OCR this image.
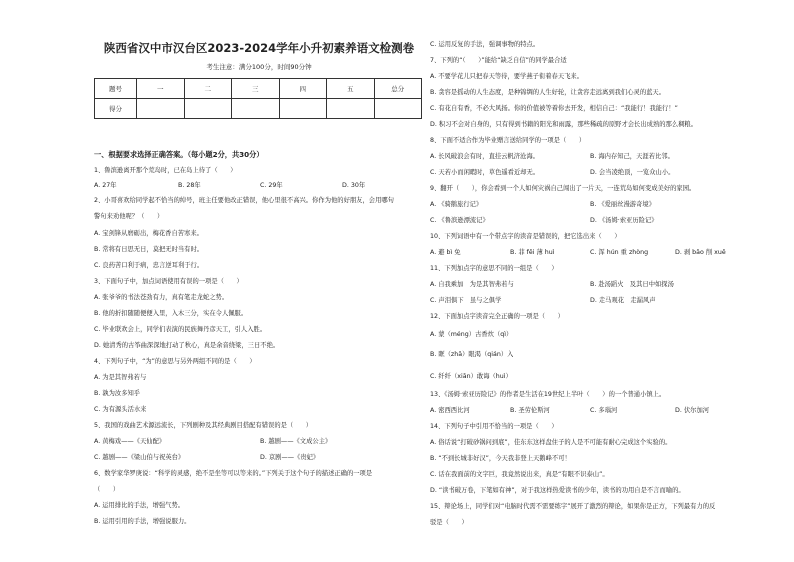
陕西省汉中市汉台区2023-2024学年小升初素养语文检测卷
考生注意：满分100分，时间90分钟
题号	一	二	三	四	五	总分
得分						
一、根据要求选择正确答案。（每小题2分，共30分）
1、鲁滨逊离开那个荒岛时，已在岛上待了（　　）
A. 27年	B. 28年	C. 29年	D. 30年
2、小哥喜欢给同学起不恰当的绰号，班主任要他改正错误，他心里很不高兴。你作为他的好朋友，会用哪句
警句来劝他呢？（　　）
A. 宝剑锋从磨砺出，梅花香自苦寒来。
B. 常将有日思无日，莫把无时当有时。
C. 良药苦口利于病，忠言逆耳利于行。
3、下面句子中，加点词语使用有误的一项是（　　）
A. 张爷爷的书法苍劲有力，真有笔走龙蛇之势。
B. 他的折扣随随便便入里，入木三分，实在令人佩服。
C. 毕业联欢会上，同学们表演的民族舞丹彦天工，引人入胜。
D. 她清秀的古筝曲深深地打动了秋心，真是余音绕梁，三日不绝。
4、下列句子中，“为”的意思与另外两组不同的是（　　）
A. 为是其智弗若与
B. 孰为汝多知乎
C. 为有源头活水来
5、我国的戏曲艺术源远流长，下列剧种及其经典剧目搭配有错误的是（　　）
A. 黄梅戏——《天仙配》	B. 越剧——《文成公主》
C. 越剧——《梁山伯与祝英台》	D. 京剧——《贵妃》
6、数学家华罗庚说：“科学的灵感，绝不是坐等可以等来的。”下列关于这个句子的描述正确的一项是
（　　）
A. 运用排比的手法，增强气势。
B. 运用引用的手法，增强说服力。
C. 运用反复的手法，强调事物的特点。
7、下列的“（　　）”能给“缺乏自信”的同学最合适
A. 不要学花儿只把春天等待，要学燕子衔着春天飞来。
B. 贪容是摇动的人生态度，是种锦绸的人生好轮，让贪容走远离到我们心灵的蓝天。
C. 有花自有香，不必大风扬。你的价值被等着你去开发，相信自己：“我能行！我能行！”
D. 积习不会对自身的，只有得到书籍的阳光和雨露，那些稀疏的原野才会长出成熟的那么稠粮。
8、下面不适合作为毕业赠言送给同学的一项是（　　）
A. 长风破浪会有时，直挂云帆济沧海。	B. 海内存知己，天涯若比邻。
C. 天若小而闲暇时，草色遥看近却无。	D. 会当凌绝顶，一览众山小。
9、翻开（　　），你会看到一个人如何灾祸自己闯出了一片天，一连荒岛如何变成美好的家园。
A. 《骑鹅旅行记》	B. 《爱丽丝漫游奇境》
C. 《鲁滨逊漂流记》	D. 《汤姆·索亚历险记》
10、下列词语中有一个带点字的读音是错误的，把它选出来（　　）
A. 避 bì 免	B. 菲 fēi 薄 huì	C. 浑 hún 重 zhòng	D. 剥 bāo 削 xuē
11、下列加点字的意思不同的一组是（　　）
A. 自我乘加　为是其智弗若与	B. 赴汤蹈火　及其日中如探汤
C. 声泪俱下　虽与之俱学	D. 走马观花　走漏风声
12、下面加点字读音完全正确的一项是（　　）
A. 蒙（méng）古香炊（qì）
B. 眶（zhā）眼渴（qián）入
C. 纤纤（xiān）敢诲（huì）
13、《汤姆·索亚历险记》的作者是生活在19世纪上半叶（　　）的一个普通小镇上。
A. 密西西比河	B. 圣劳伦斯河	C. 多瑙河	D. 伏尔加河
14、下列句子中引用不恰当的一项是（　　）
A. 俗话说“打破砂锅问到底”，佳东东这样盘住子的人是不可能有耐心完成这个实验的。
B. “不到长城非好汉”，今天我非登上天鹅峰不可！
C. 话在我面前的文字巨，我竟然说出来，真是“有眼不识泰山”。
D. “读书破万卷，下笔如有神”，对于我这样热爱读书的少年，读书的功用自是不言而喻的。
15、辩论场上，同学们对“电脑时代需不需要练字”展开了激烈的辩论，如果你是正方，下列最有力的反
驳是（　　）
